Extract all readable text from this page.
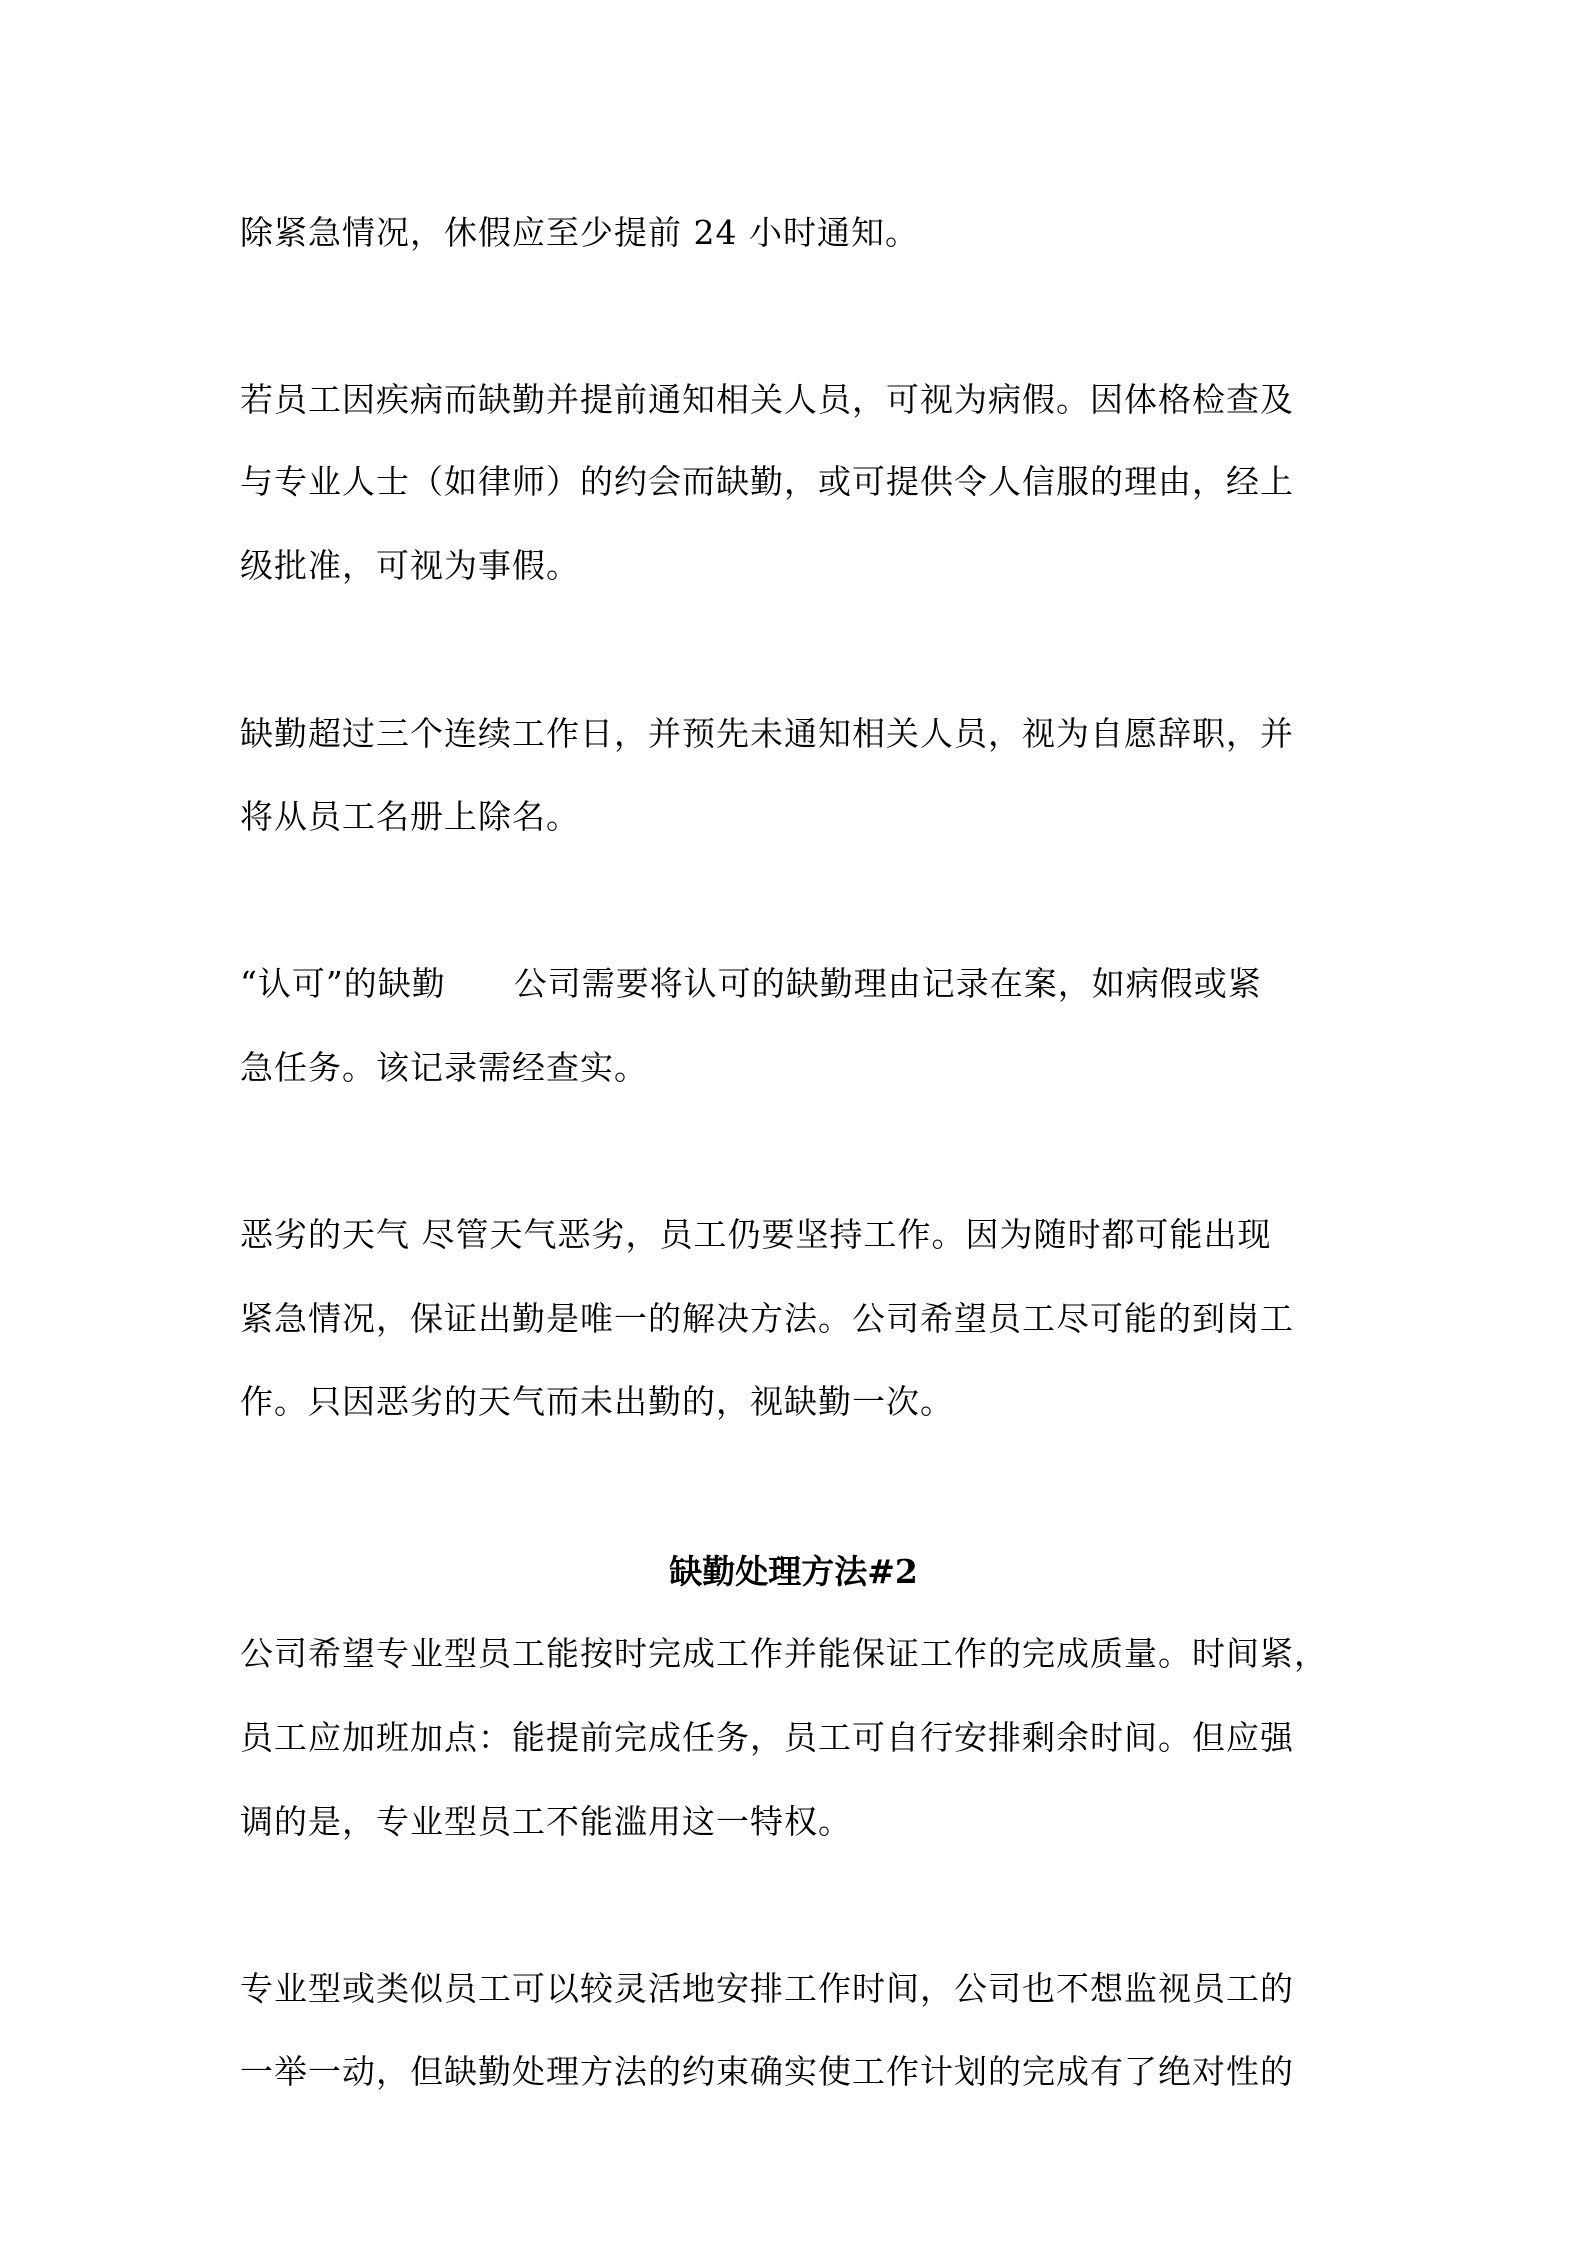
除紧急情况，休假应至少提前 24 小时通知。
若员工因疾病而缺勤并提前通知相关人员，可视为病假。因体格检查及
与专业人士（如律师）的约会而缺勤，或可提供令人信服的理由，经上
级批准，可视为事假。
缺勤超过三个连续工作日，并预先未通知相关人员，视为自愿辞职，并
将从员工名册上除名。
“认可”的缺勤　　公司需要将认可的缺勤理由记录在案，如病假或紧
急任务。该记录需经查实。
恶劣的天气 尽管天气恶劣，员工仍要坚持工作。因为随时都可能出现
紧急情况，保证出勤是唯一的解决方法。公司希望员工尽可能的到岗工
作。只因恶劣的天气而未出勤的，视缺勤一次。
缺勤处理方法#2
公司希望专业型员工能按时完成工作并能保证工作的完成质量。时间紧，
员工应加班加点：能提前完成任务，员工可自行安排剩余时间。但应强
调的是，专业型员工不能滥用这一特权。
专业型或类似员工可以较灵活地安排工作时间，公司也不想监视员工的
一举一动，但缺勤处理方法的约束确实使工作计划的完成有了绝对性的
